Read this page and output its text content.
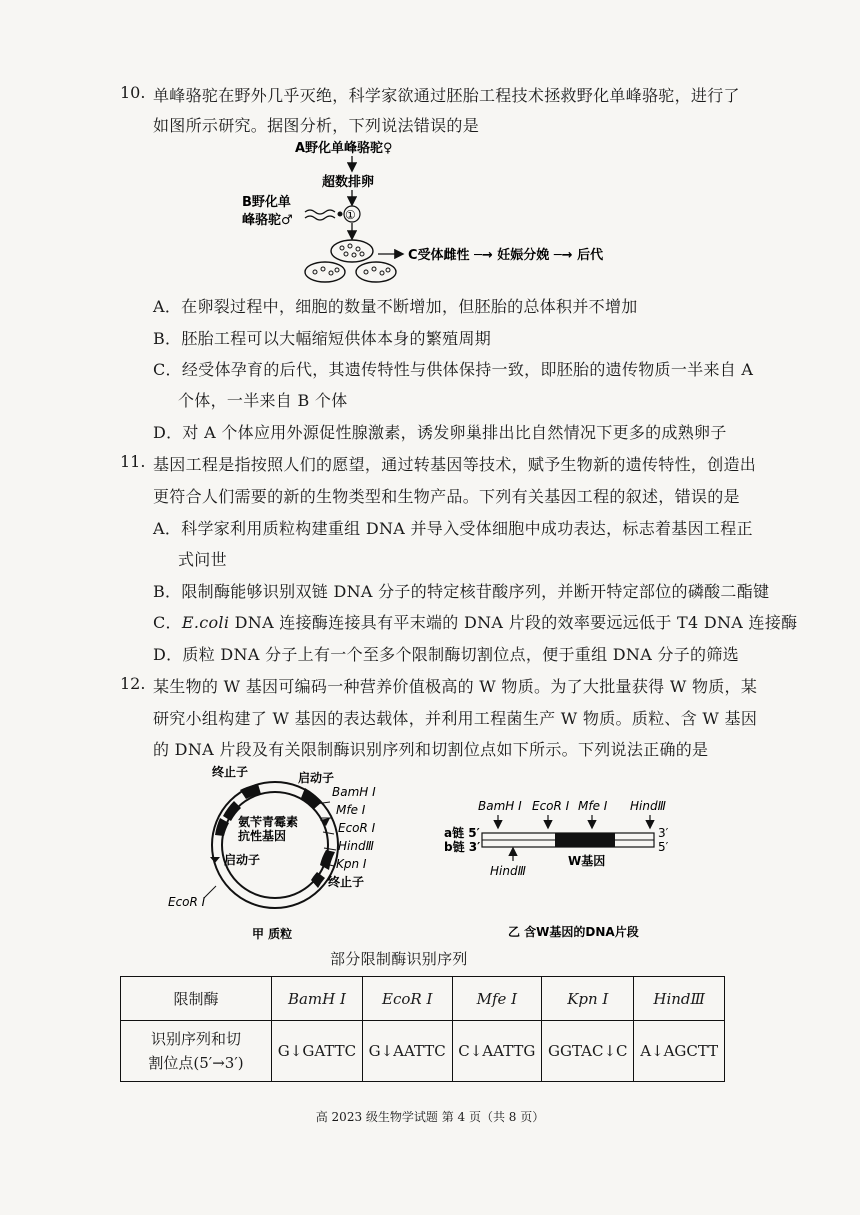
10. 单峰骆驼在野外几乎灭绝，科学家欲通过胚胎工程技术拯救野化单峰骆驼，进行了
如图所示研究。据图分析，下列说法错误的是
A野化单峰骆驼♀
超数排卵
B野化单
峰骆驼♂	①
C受体雌性 ─→ 妊娠分娩 ─→ 后代
A．在卵裂过程中，细胞的数量不断增加，但胚胎的总体积并不增加
B．胚胎工程可以大幅缩短供体本身的繁殖周期
C．经受体孕育的后代，其遗传特性与供体保持一致，即胚胎的遗传物质一半来自 A
个体，一半来自 B 个体
D．对 A 个体应用外源促性腺激素，诱发卵巢排出比自然情况下更多的成熟卵子
11. 基因工程是指按照人们的愿望，通过转基因等技术，赋予生物新的遗传特性，创造出
更符合人们需要的新的生物类型和生物产品。下列有关基因工程的叙述，错误的是
A．科学家利用质粒构建重组 DNA 并导入受体细胞中成功表达，标志着基因工程正
式问世
B．限制酶能够识别双链 DNA 分子的特定核苷酸序列，并断开特定部位的磷酸二酯键
C．E.coli DNA 连接酶连接具有平末端的 DNA 片段的效率要远远低于 T4 DNA 连接酶
D．质粒 DNA 分子上有一个至多个限制酶切割位点，便于重组 DNA 分子的筛选
12. 某生物的 W 基因可编码一种营养价值极高的 W 物质。为了大批量获得 W 物质，某
研究小组构建了 W 基因的表达载体，并利用工程菌生产 W 物质。质粒、含 W 基因
的 DNA 片段及有关限制酶识别序列和切割位点如下所示。下列说法正确的是
终止子	启动子
BamH Ⅰ
Mfe Ⅰ
EcoR Ⅰ
HindⅢ
Kpn Ⅰ
终止子
氨苄青霉素
抗性基因
启动子
EcoR Ⅰ
甲 质粒
BamH Ⅰ EcoR Ⅰ Mfe Ⅰ HindⅢ
a链 5′
b链 3′
3′
5′
W基因
HindⅢ
乙 含W基因的DNA片段
部分限制酶识别序列
限制酶	BamH Ⅰ	EcoR Ⅰ	Mfe Ⅰ	Kpn Ⅰ	HindⅢ

识别序列和切
割位点(5′→3′)	G↓GATTC	G↓AATTC	C↓AATTG	GGTAC↓C	A↓AGCTT
高 2023 级生物学试题 第 4 页（共 8 页）
